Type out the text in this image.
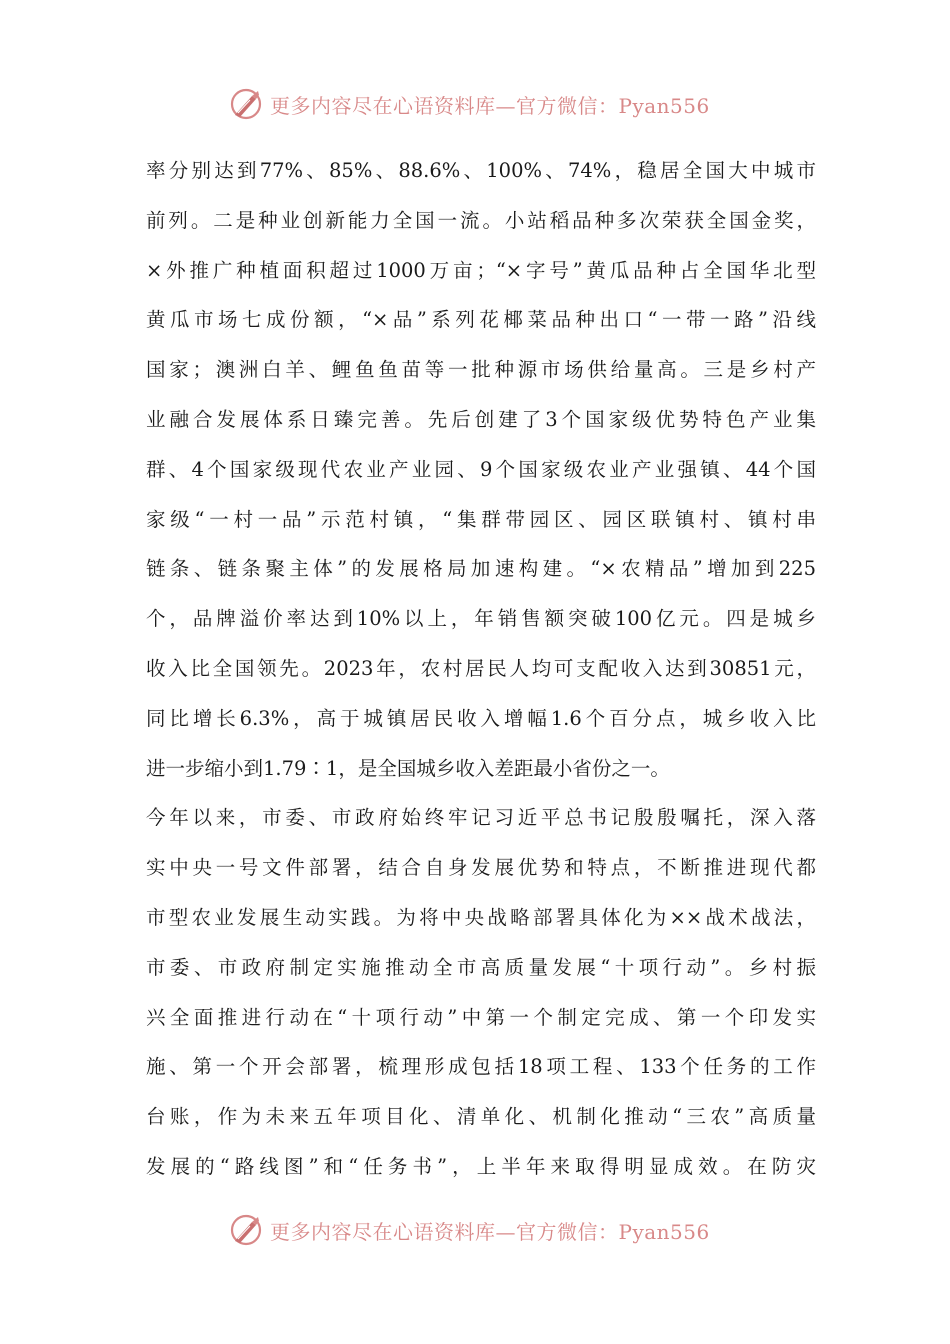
更多内容尽在心语资料库—官方微信：Pyan556
率分别达到77%、85%、88.6%、100%、74%，稳居全国大中城市
前列。二是种业创新能力全国一流。小站稻品种多次荣获全国金奖，
×外推广种植面积超过1000万亩；“×字号”黄瓜品种占全国华北型
黄瓜市场七成份额，“×品”系列花椰菜品种出口“一带一路”沿线
国家；澳洲白羊、鲤鱼鱼苗等一批种源市场供给量高。三是乡村产
业融合发展体系日臻完善。先后创建了3个国家级优势特色产业集
群、4个国家级现代农业产业园、9个国家级农业产业强镇、44个国
家级“一村一品”示范村镇，“集群带园区、园区联镇村、镇村串
链条、链条聚主体”的发展格局加速构建。“×农精品”增加到225
个，品牌溢价率达到10%以上，年销售额突破100亿元。四是城乡
收入比全国领先。2023年，农村居民人均可支配收入达到30851元，
同比增长6.3%，高于城镇居民收入增幅1.6个百分点，城乡收入比
进一步缩小到1.79∶1，是全国城乡收入差距最小省份之一。
今年以来，市委、市政府始终牢记习近平总书记殷殷嘱托，深入落
实中央一号文件部署，结合自身发展优势和特点，不断推进现代都
市型农业发展生动实践。为将中央战略部署具体化为××战术战法，
市委、市政府制定实施推动全市高质量发展“十项行动”。乡村振
兴全面推进行动在“十项行动”中第一个制定完成、第一个印发实
施、第一个开会部署，梳理形成包括18项工程、133个任务的工作
台账，作为未来五年项目化、清单化、机制化推动“三农”高质量
发展的“路线图”和“任务书”，上半年来取得明显成效。在防灾
更多内容尽在心语资料库—官方微信：Pyan556
